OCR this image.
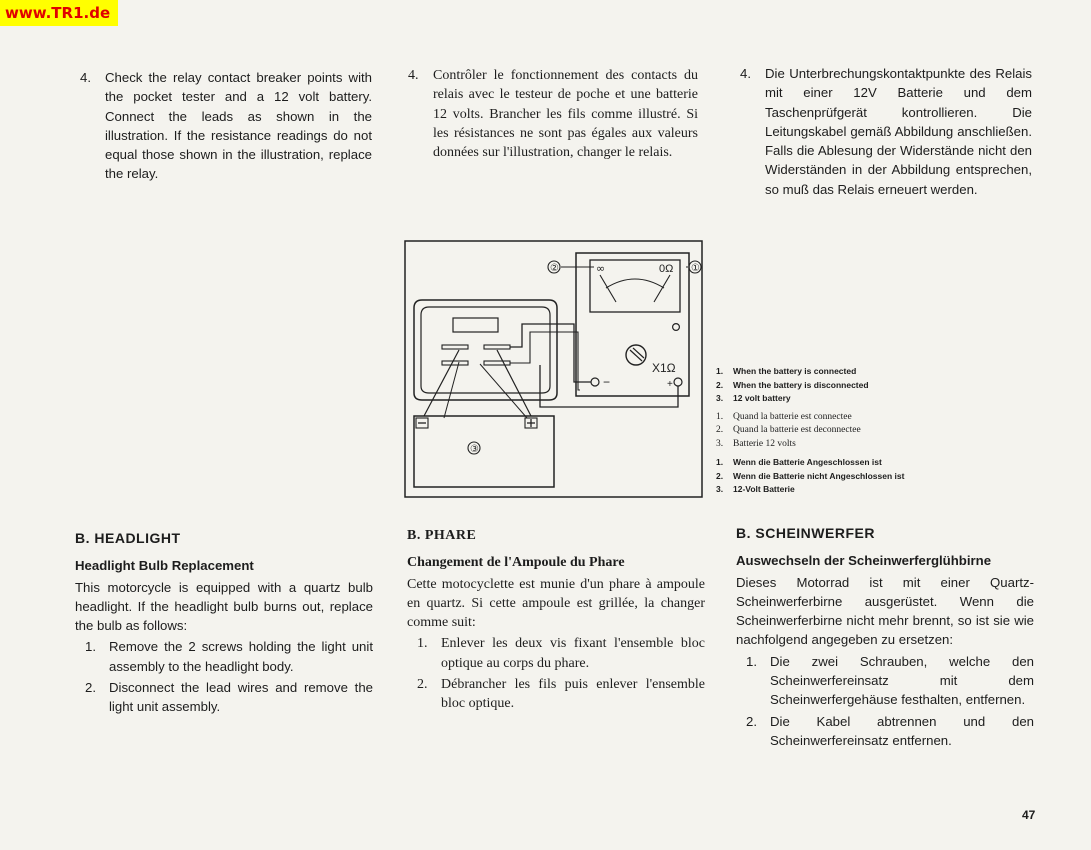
www.TR1.de
4.	Check the relay contact breaker points with the pocket tester and a 12 volt battery. Connect the leads as shown in the illustration. If the resistance readings do not equal those shown in the illustration, replace the relay.
4.	Contrôler le fonctionnement des contacts du relais avec le testeur de poche et une batterie 12 volts. Brancher les fils comme illustré. Si les résistances ne sont pas égales aux valeurs données sur l'illustration, changer le relais.
4.	Die Unterbrechungskontaktpunkte des Relais mit einer 12V Batterie und dem Taschenprüfgerät kontrollieren. Die Leitungskabel gemäß Abbildung anschließen. Falls die Ablesung der Widerstände nicht den Widerständen in der Abbildung entsprechen, so muß das Relais erneuert werden.
②	①
③
∞	0Ω
X1Ω
−	+
1.	When the battery is connected
2.	When the battery is disconnected
3.	12 volt battery
1.	Quand la batterie est connectee
2.	Quand la batterie est deconnectee
3.	Batterie 12 volts
1.	Wenn die Batterie Angeschlossen ist
2.	Wenn die Batterie nicht Angeschlossen ist
3.	12-Volt Batterie
B. HEADLIGHT
Headlight Bulb Replacement
This motorcycle is equipped with a quartz bulb headlight. If the headlight bulb burns out, replace the bulb as follows:
1. Remove the 2 screws holding the light unit assembly to the headlight body.
2. Disconnect the lead wires and remove the light unit assembly.
B. PHARE
Changement de l'Ampoule du Phare
Cette motocyclette est munie d'un phare à ampoule en quartz. Si cette ampoule est grillée, la changer comme suit:
1. Enlever les deux vis fixant l'ensemble bloc optique au corps du phare.
2. Débrancher les fils puis enlever l'ensemble bloc optique.
B. SCHEINWERFER
Auswechseln der Scheinwerferglühbirne
Dieses Motorrad ist mit einer Quartz-Scheinwerferbirne ausgerüstet. Wenn die Scheinwerferbirne nicht mehr brennt, so ist sie wie nachfolgend angegeben zu ersetzen:
1. Die zwei Schrauben, welche den Scheinwerfereinsatz mit dem Scheinwerfergehäuse festhalten, entfernen.
2. Die Kabel abtrennen und den Scheinwerfereinsatz entfernen.
47
